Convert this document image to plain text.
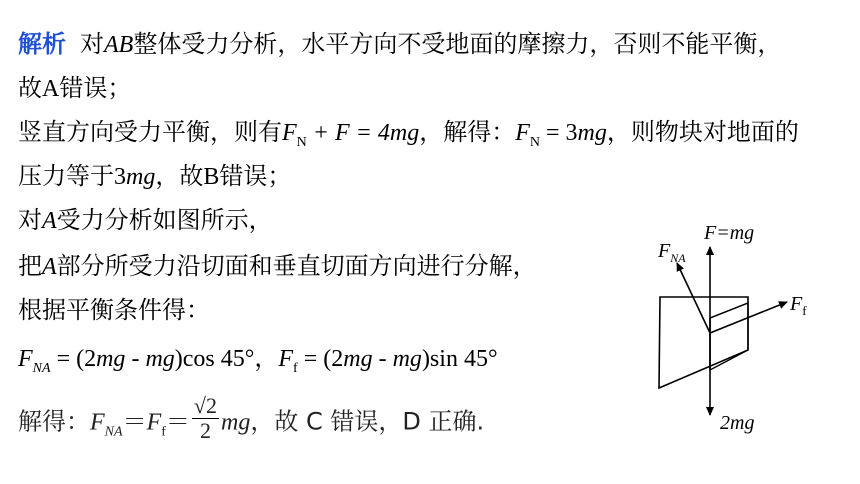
解析 对AB整体受力分析，水平方向不受地面的摩擦力，否则不能平衡，
故A错误；
竖直方向受力平衡，则有$F_N + F = 4mg$，解得：$F_N = 3mg$，则物块对地面的
压力等于3mg，故B错误；
对A受力分析如图所示，
把A部分所受力沿切面和垂直切面方向进行分解，
根据平衡条件得：
$F_{NA} = (2mg - mg)\cos$ 45°，$F_f = (2mg - mg)\sin$ 45°
解得：$F_{NA}=F_f= \frac{√2}{2}$ mg，故 C 错误，D 正确.
$F_{NA}$
F=mg
$F_f$
2mg
